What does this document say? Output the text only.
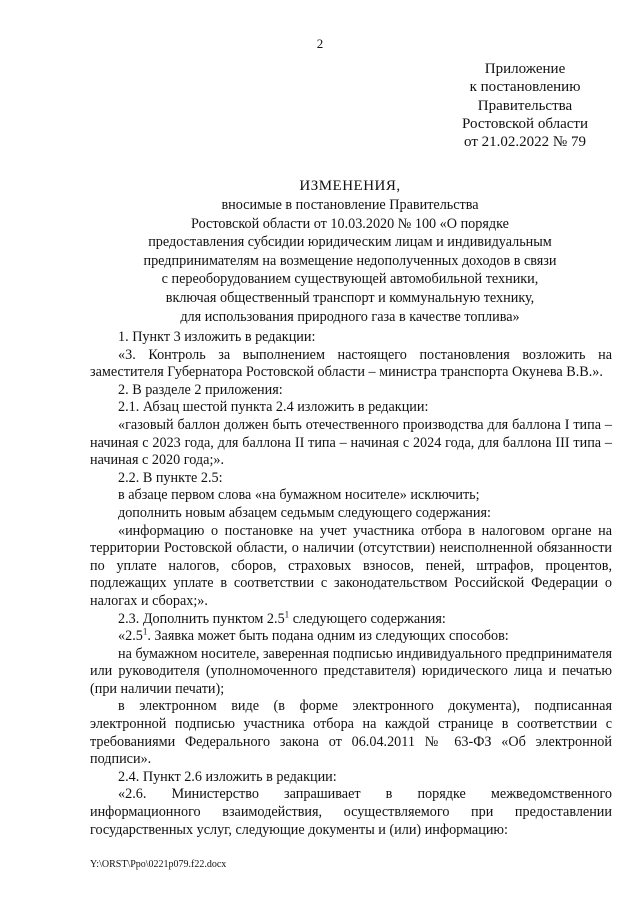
2
Приложение
к постановлению
Правительства
Ростовской области
от 21.02.2022 № 79
ИЗМЕНЕНИЯ,
вносимые в постановление Правительства
Ростовской области от 10.03.2020 № 100 «О порядке
предоставления субсидии юридическим лицам и индивидуальным
предпринимателям на возмещение недополученных доходов в связи
с переоборудованием существующей автомобильной техники,
включая общественный транспорт и коммунальную технику,
для использования природного газа в качестве топлива»

1. Пункт 3 изложить в редакции:

«3. Контроль за выполнением настоящего постановления возложить на заместителя Губернатора Ростовской области – министра транспорта Окунева В.В.».

2. В разделе 2 приложения:

2.1. Абзац шестой пункта 2.4 изложить в редакции:

«газовый баллон должен быть отечественного производства для баллона I типа – начиная с 2023 года, для баллона II типа – начиная с 2024 года, для баллона III типа – начиная с 2020 года;».

2.2. В пункте 2.5:

в абзаце первом слова «на бумажном носителе» исключить;

дополнить новым абзацем седьмым следующего содержания:

«информацию о постановке на учет участника отбора в налоговом органе на территории Ростовской области, о наличии (отсутствии) неисполненной обязанности по уплате налогов, сборов, страховых взносов, пеней, штрафов, процентов, подлежащих уплате в соответствии с законодательством Российской Федерации о налогах и сборах;».

2.3. Дополнить пунктом $2.5^1$ следующего содержания:

«$2.5^1$. Заявка может быть подана одним из следующих способов:

на бумажном носителе, заверенная подписью индивидуального предпринимателя или руководителя (уполномоченного представителя) юридического лица и печатью (при наличии печати);

в электронном виде (в форме электронного документа), подписанная электронной подписью участника отбора на каждой странице в соответствии с требованиями Федерального закона от 06.04.2011 № 63-ФЗ «Об электронной подписи».

2.4. Пункт 2.6 изложить в редакции:

«2.6. Министерство запрашивает в порядке межведомственного информационного взаимодействия, осуществляемого при предоставлении государственных услуг, следующие документы и (или) информацию:

Y:\ORST\Ppo\0221p079.f22.docx
